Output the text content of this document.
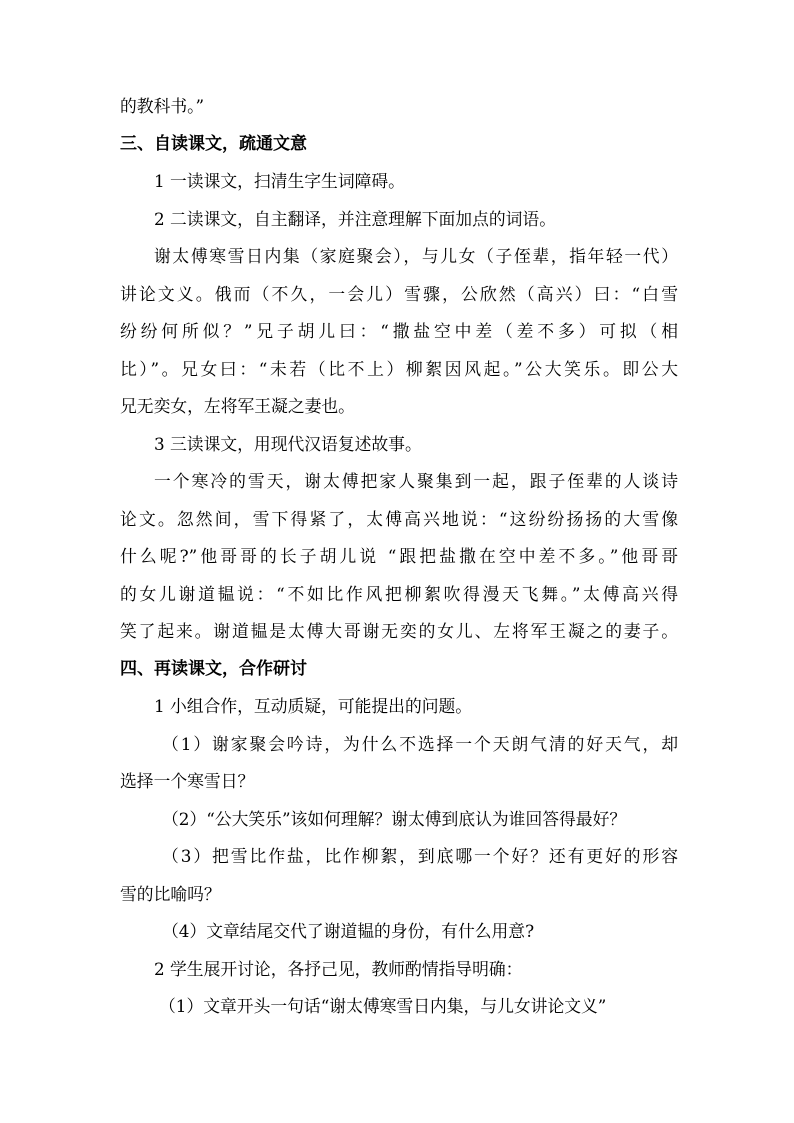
的教科书。”

三、自读课文，疏通文意

1 一读课文，扫清生字生词障碍。

2 二读课文，自主翻译，并注意理解下面加点的词语。

谢太傅寒雪日内集（家庭聚会），与儿女（子侄辈，指年轻一代）

讲论文义。俄而（不久，一会儿）雪骤，公欣然（高兴）曰：“白雪

纷纷何所似？”兄子胡儿曰：“撒盐空中差（差不多）可拟（相

比）”。兄女曰：“未若（比不上）柳絮因风起。”公大笑乐。即公大

兄无奕女，左将军王凝之妻也。

3 三读课文，用现代汉语复述故事。

一个寒冷的雪天，谢太傅把家人聚集到一起，跟子侄辈的人谈诗

论文。忽然间，雪下得紧了，太傅高兴地说：“这纷纷扬扬的大雪像

什么呢?”他哥哥的长子胡儿说 “跟把盐撒在空中差不多。”他哥哥

的女儿谢道韫说：“不如比作风把柳絮吹得漫天飞舞。”太傅高兴得

笑了起来。谢道韫是太傅大哥谢无奕的女儿、左将军王凝之的妻子。

四、再读课文，合作研讨

1 小组合作，互动质疑，可能提出的问题。

（1）谢家聚会吟诗，为什么不选择一个天朗气清的好天气，却

选择一个寒雪日？

（2）“公大笑乐”该如何理解？谢太傅到底认为谁回答得最好？

（3）把雪比作盐，比作柳絮，到底哪一个好？还有更好的形容

雪的比喻吗？

（4）文章结尾交代了谢道韫的身份，有什么用意?

2 学生展开讨论，各抒己见，教师酌情指导明确：

（1）文章开头一句话“谢太傅寒雪日内集，与儿女讲论文义”
